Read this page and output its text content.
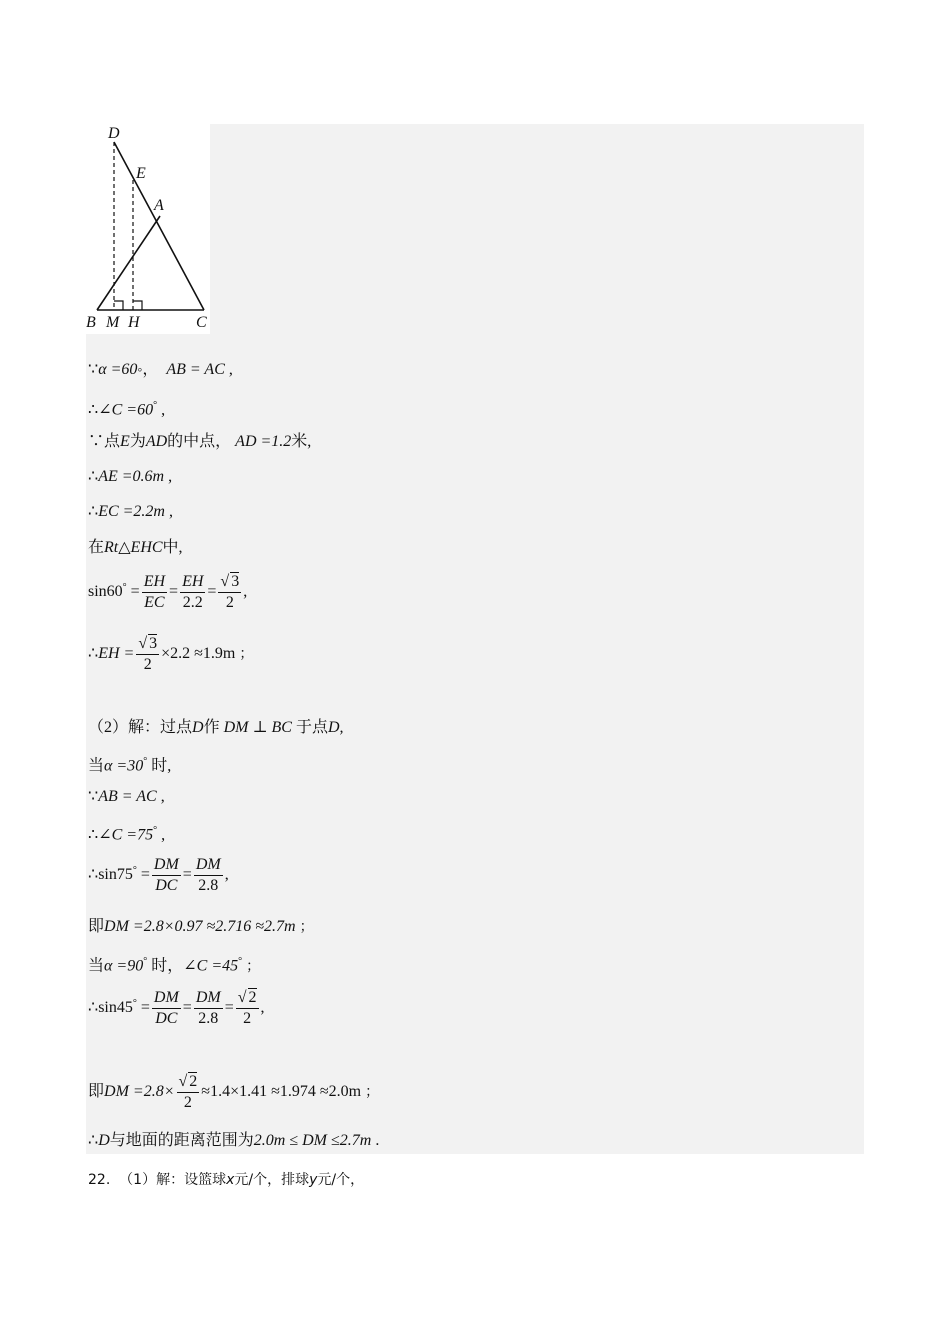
D
E
A
B M H	C
∵α =60◦， AB = AC ,
∴∠C =60° ,
∵点E为AD的中点， AD =1.2米,
∴AE =0.6m ,
∴EC =2.2m ,
在Rt△EHC中,
$\sin 60^\circ = \frac{EH}{EC} = \frac{EH}{2.2} = \frac{√ 3}{2}$ ,
∴EH = $\frac{√ 3}{2} \times 2.2 \approx 1.9m$ ；
（2）解：过点D作 DM ⊥ BC 于点D,
当α =30° 时,
∵AB = AC ,
∴∠C =75° ,
∴sin75° = $\frac{DM}{DC} = \frac{DM}{2.8}$ ,
即DM =2.8×0.97 ≈2.716 ≈2.7m ；
当α =90° 时，∠C =45° ；
∴sin45° = $\frac{DM}{DC} = \frac{DM}{2.8} = \frac{√ 2}{2}$ ,
即DM $=2.8\times \frac{√ 2}{2} \approx 1.4\times 1.41 \approx 1.974 \approx 2.0m$ ；
∴D与地面的距离范围为2.0m ≤ DM ≤2.7m .
22. （1）解：设篮球x元/个，排球y元/个，
